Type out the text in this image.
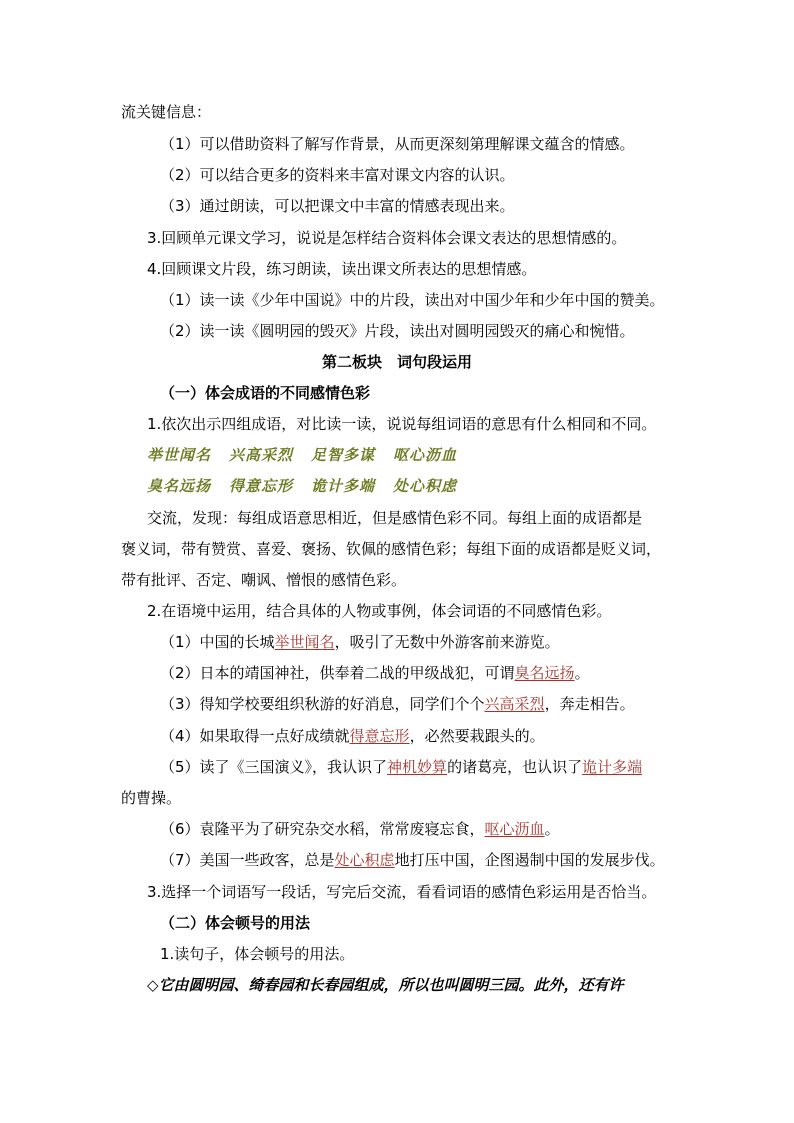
流关键信息：
（1）可以借助资料了解写作背景，从而更深刻第理解课文蕴含的情感。
（2）可以结合更多的资料来丰富对课文内容的认识。
（3）通过朗读，可以把课文中丰富的情感表现出来。
3.回顾单元课文学习，说说是怎样结合资料体会课文表达的思想情感的。
4.回顾课文片段，练习朗读，读出课文所表达的思想情感。
（1）读一读《少年中国说》中的片段，读出对中国少年和少年中国的赞美。
（2）读一读《圆明园的毁灭》片段，读出对圆明园毁灭的痛心和惋惜。
第二板块　词句段运用
（一）体会成语的不同感情色彩
1.依次出示四组成语，对比读一读，说说每组词语的意思有什么相同和不同。
举世闻名 兴高采烈 足智多谋 呕心沥血
臭名远扬 得意忘形 诡计多端 处心积虑
交流，发现：每组成语意思相近，但是感情色彩不同。每组上面的成语都是
褒义词，带有赞赏、喜爱、褒扬、钦佩的感情色彩；每组下面的成语都是贬义词，
带有批评、否定、嘲讽、憎恨的感情色彩。
2.在语境中运用，结合具体的人物或事例，体会词语的不同感情色彩。
（1）中国的长城举世闻名，吸引了无数中外游客前来游览。
（2）日本的靖国神社，供奉着二战的甲级战犯，可谓臭名远扬。
（3）得知学校要组织秋游的好消息，同学们个个兴高采烈，奔走相告。
（4）如果取得一点好成绩就得意忘形，必然要栽跟头的。
（5）读了《三国演义》，我认识了神机妙算的诸葛亮，也认识了诡计多端
的曹操。
（6）袁隆平为了研究杂交水稻，常常废寝忘食，呕心沥血。
（7）美国一些政客，总是处心积虑地打压中国，企图遏制中国的发展步伐。
3.选择一个词语写一段话，写完后交流，看看词语的感情色彩运用是否恰当。
（二）体会顿号的用法
1.读句子，体会顿号的用法。
◇它由圆明园、绮春园和长春园组成，所以也叫圆明三园。此外，还有许
